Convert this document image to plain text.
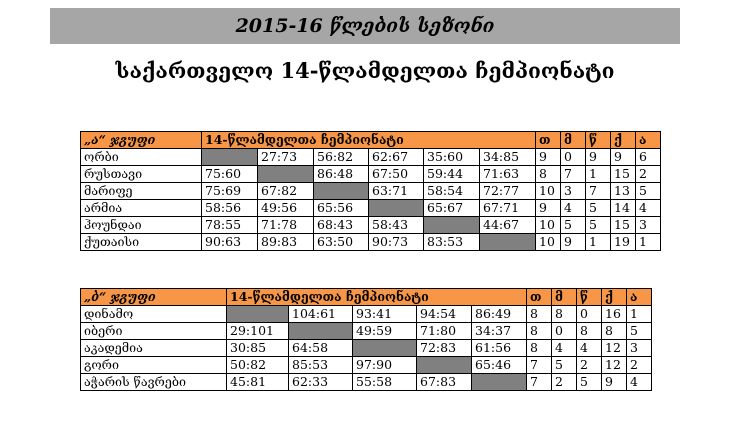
2015-16 წლების სეზონი
საქართველო 14-წლამდელთა ჩემპიონატი
„ა“ ჯგუფი	14-წლამდელთა ჩემპიონატი						თ	მ	წ	ქ	ა
ორბი		27:73	56:82	62:67	35:60	34:85	9	0	9	9	6
რუსთავი	75:60		86:48	67:50	59:44	71:63	8	7	1	15	2
მარიფე	75:69	67:82		63:71	58:54	72:77	10	3	7	13	5
არმია	58:56	49:56	65:56		65:67	67:71	9	4	5	14	4
ჰოუნდაი	78:55	71:78	68:43	58:43		44:67	10	5	5	15	3
ქუთაისი	90:63	89:83	63:50	90:73	83:53		10	9	1	19	1
„ბ“ ჯგუფი	14-წლამდელთა ჩემპიონატი					თ	მ	წ	ქ	ა
დინამო		104:61	93:41	94:54	86:49	8	8	0	16	1
იბერი	29:101		49:59	71:80	34:37	8	0	8	8	5
აკადემია	30:85	64:58		72:83	61:56	8	4	4	12	3
გორი	50:82	85:53	97:90		65:46	7	5	2	12	2
აჭარის წავრები	45:81	62:33	55:58	67:83		7	2	5	9	4
